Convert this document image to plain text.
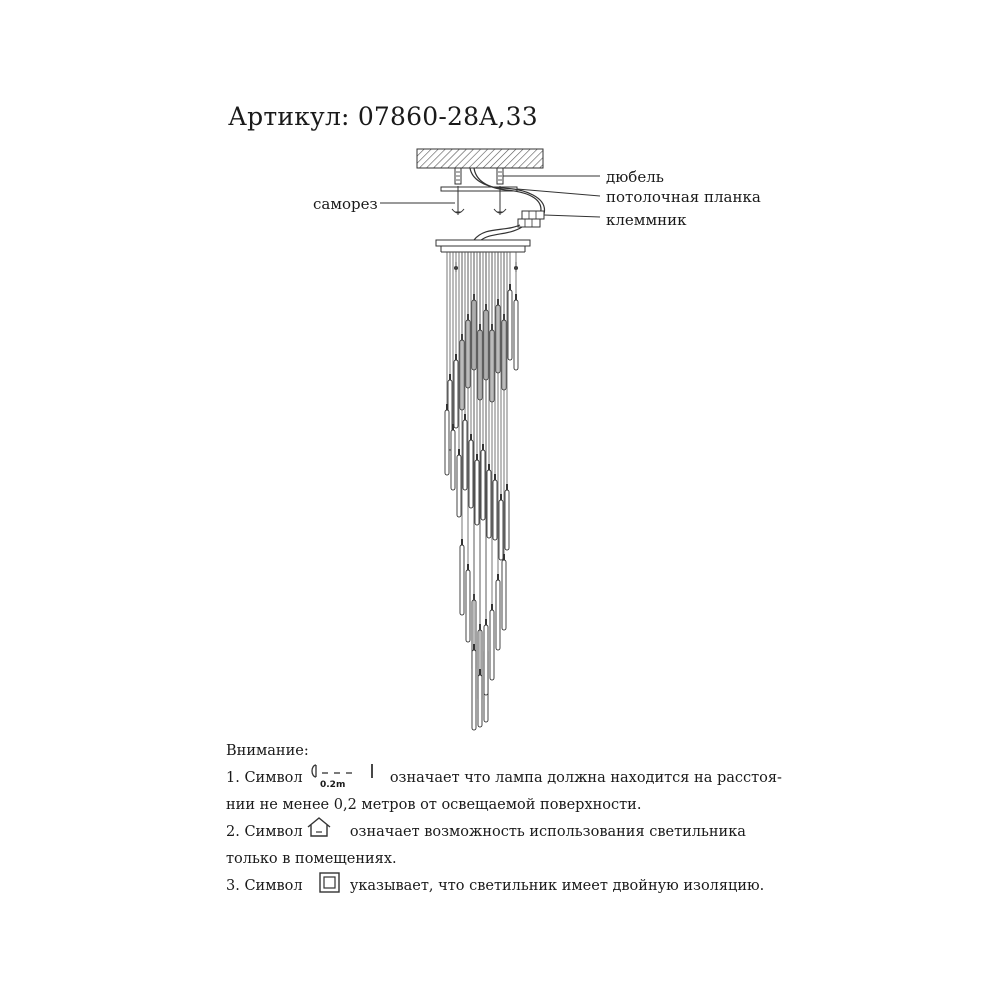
Артикул: 07860-28A,33
дюбель
потолочная планка
клеммник
саморез
Внимание:
1. Символ	означает что лампа должна находится на расстоя-
нии не менее 0,2 метров от освещаемой поверхности.
2. Символ	означает возможность использования светильника
только в помещениях.
3. Символ	указывает, что светильник имеет двойную изоляцию.
0.2m
